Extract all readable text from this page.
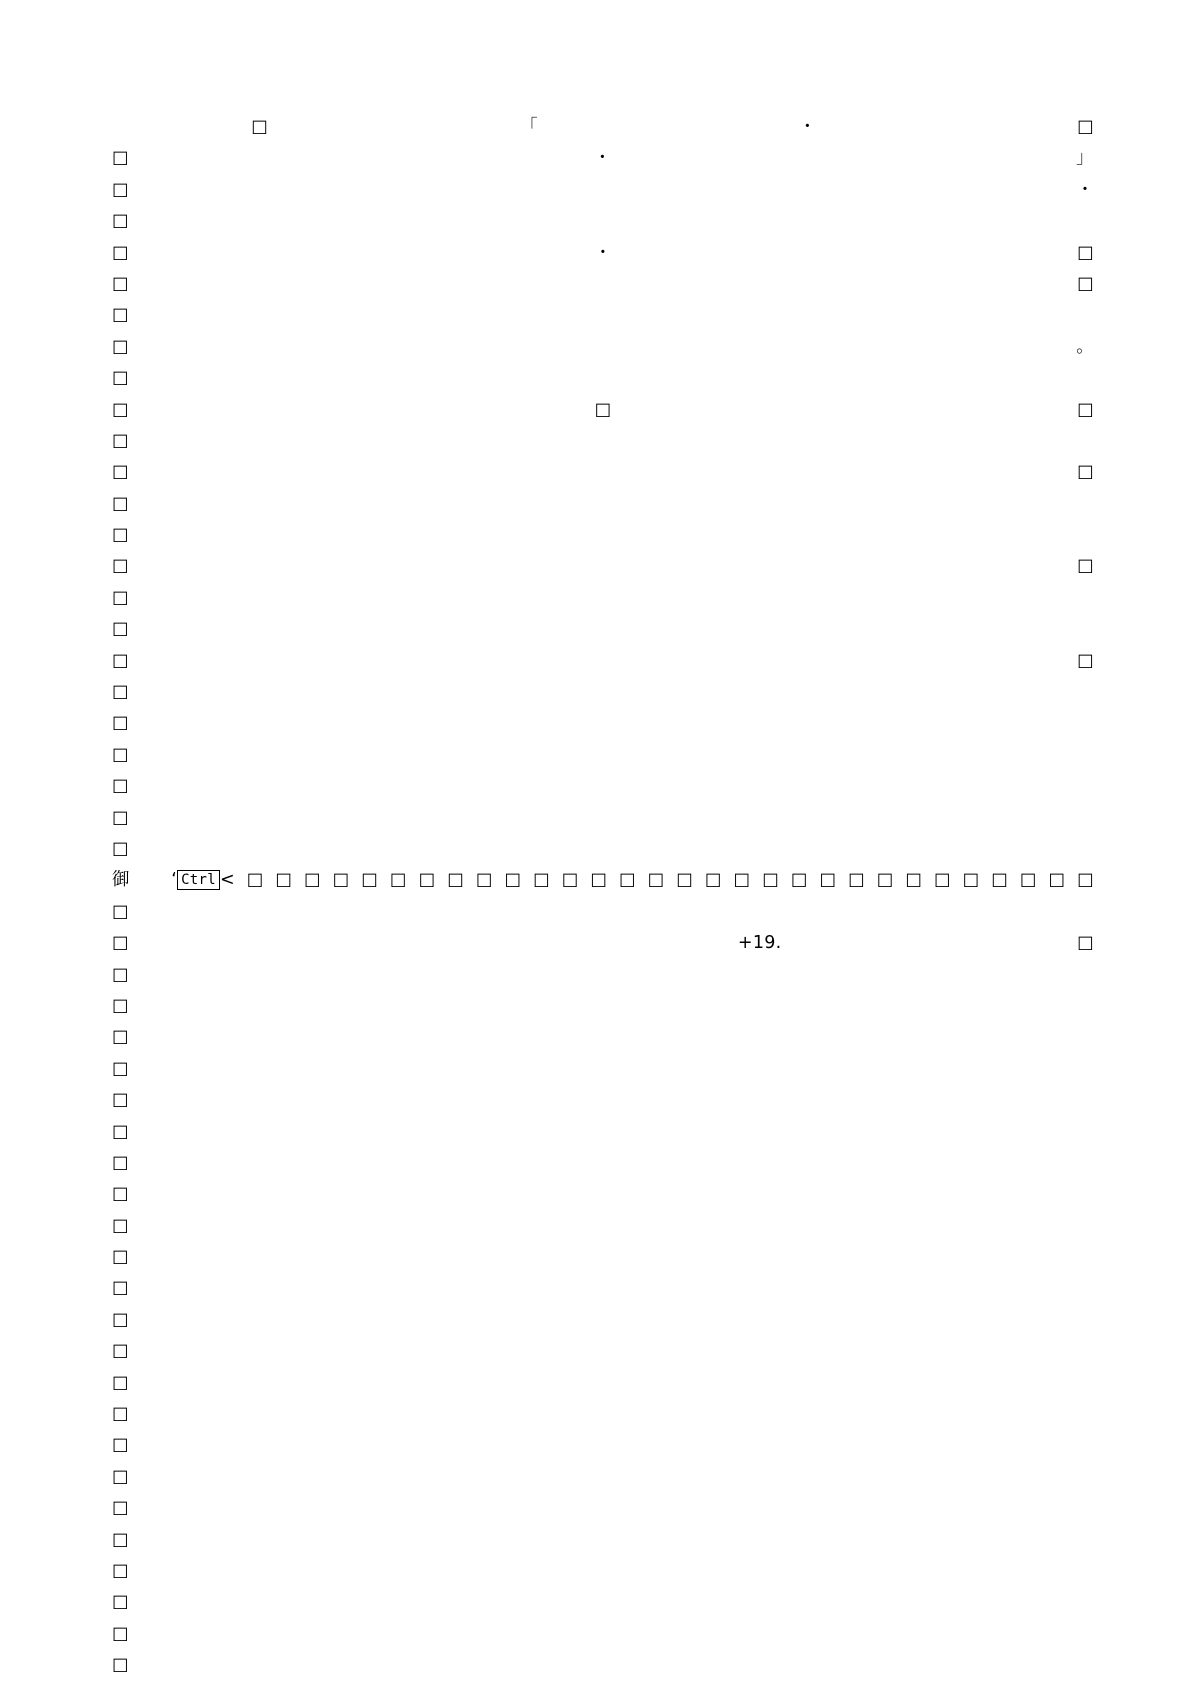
　□　「　・　□
□　・　」
□　・
□
□　・　□
□　□
□
□　。
□
□　□　□
□
□　□
□
□
□　□
□
□
□　□
□
□
□
□
□
□
御　‘ Ctrl <□□□□□□□□□□□□□□□□□□□□□□□□□□□□□□
□
□　+19.□
□
□
□
□
□
□
□
□
□
□
□
□
□
□
□
□
□
□
□
□
□
□
□
